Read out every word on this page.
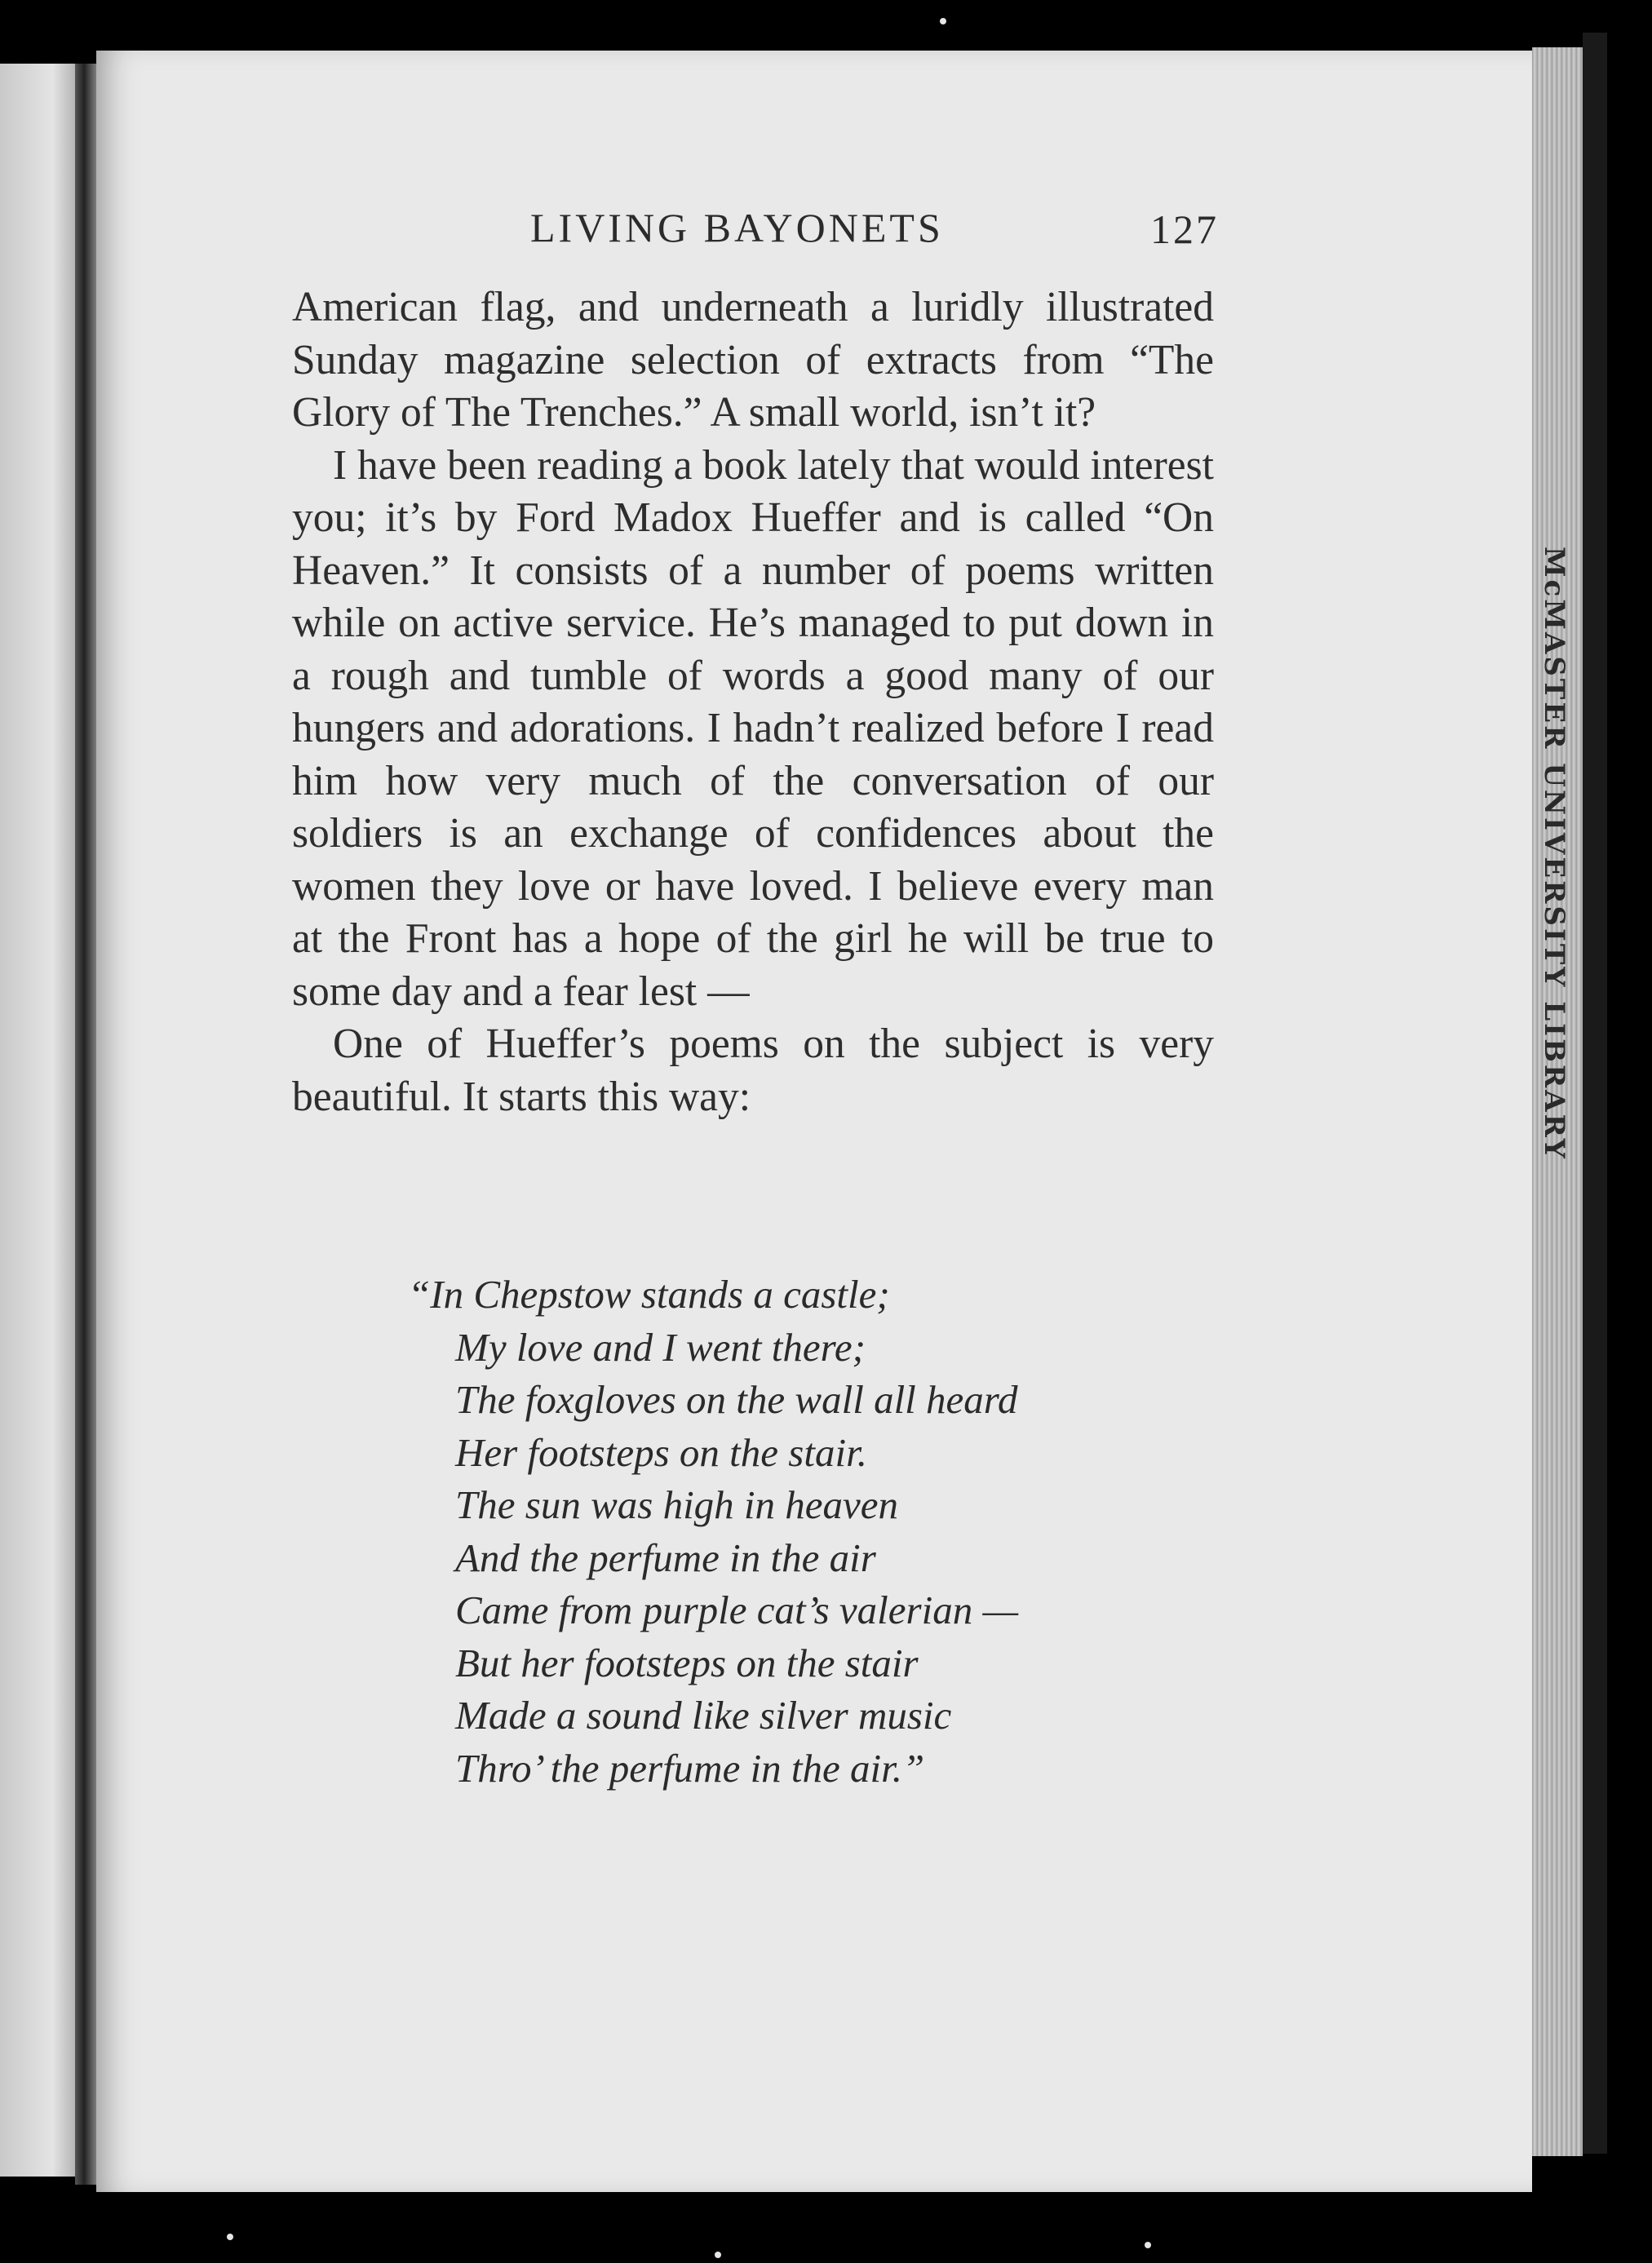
McMASTER UNIVERSITY LIBRARY
LIVING BAYONETS	127

American flag, and underneath a luridly illustrated Sunday magazine selection of extracts from “The Glory of The Trenches.” A small world, isn’t it?

I have been reading a book lately that would interest you; it’s by Ford Madox Hueffer and is called “On Heaven.” It consists of a number of poems written while on active service. He’s managed to put down in a rough and tumble of words a good many of our hungers and adorations. I hadn’t realized before I read him how very much of the conversation of our soldiers is an exchange of confidences about the women they love or have loved. I believe every man at the Front has a hope of the girl he will be true to some day and a fear lest —

One of Hueffer’s poems on the subject is very beautiful. It starts this way:

“In Chepstow stands a castle;
My love and I went there;
The foxgloves on the wall all heard
Her footsteps on the stair.
The sun was high in heaven
And the perfume in the air
Came from purple cat’s valerian —
But her footsteps on the stair
Made a sound like silver music
Thro’ the perfume in the air.”
